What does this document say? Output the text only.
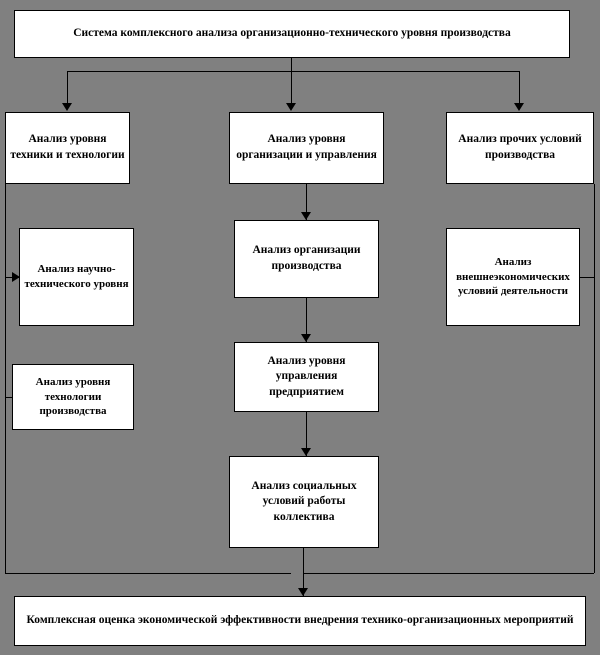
Система комплексного анализа организационно-технического уровня производства
Анализ уровня техники и технологии
Анализ научно-технического уровня
Анализ уровня технологии производства
Анализ уровня организации и управления
Анализ организации производства
Анализ уровня управления предприятием
Анализ социальных условий работы коллектива
Анализ прочих условий производства
Анализ внешнеэкономических условий деятельности
Комплексная оценка экономической эффективности внедрения технико-организационных мероприятий
